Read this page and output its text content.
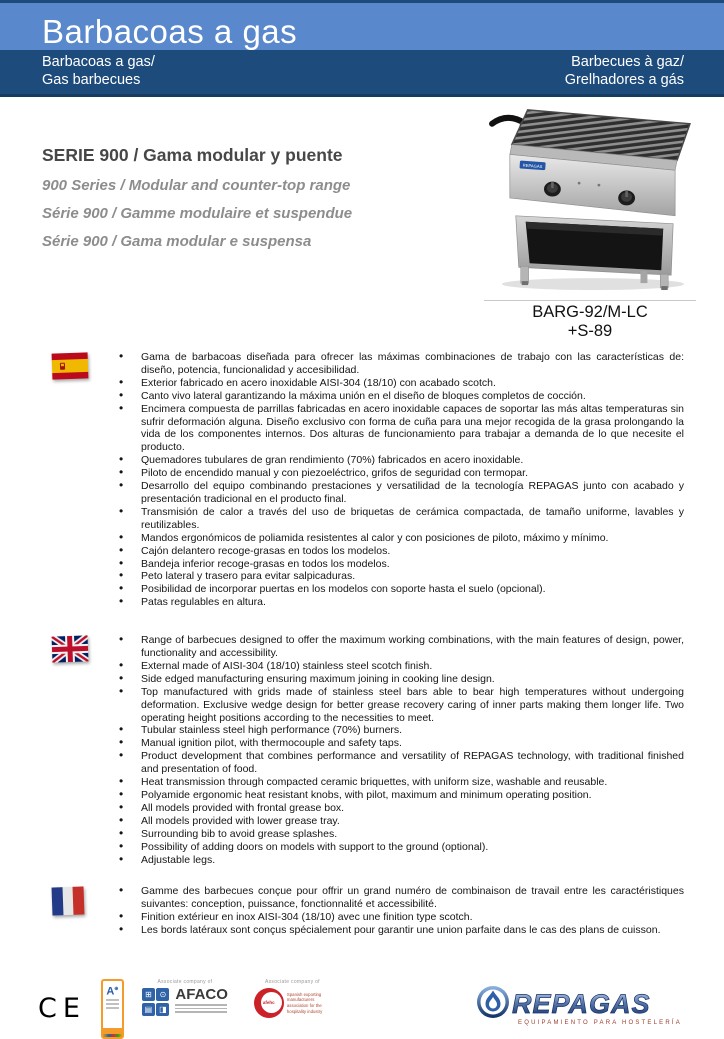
Barbacoas a gas
Barbacoas a gas/
Gas barbecues
Barbecues à gaz/
Grelhadores a gás
REPAGAS
BARG-92/M-LC
+S-89
SERIE 900 / Gama modular y puente
900 Series / Modular and counter-top range
Série 900 / Gamme modulaire et suspendue
Série 900 / Gama modular e suspensa
• Gama de barbacoas diseñada para ofrecer las máximas combinaciones de trabajo con las características de: diseño, potencia, funcionalidad y accesibilidad.
• Exterior fabricado en acero inoxidable AISI-304 (18/10) con acabado scotch.
• Canto vivo lateral garantizando la máxima unión en el diseño de bloques completos de cocción.
• Encimera compuesta de parrillas fabricadas en acero inoxidable capaces de soportar las más altas temperaturas sin sufrir deformación alguna. Diseño exclusivo con forma de cuña para una mejor recogida de la grasa prolongando la vida de los componentes internos. Dos alturas de funcionamiento para trabajar a demanda de lo que necesite el producto.
• Quemadores tubulares de gran rendimiento (70%) fabricados en acero inoxidable.
• Piloto de encendido manual y con piezoeléctrico, grifos de seguridad con termopar.
• Desarrollo del equipo combinando prestaciones y versatilidad de la tecnología REPAGAS junto con acabado y presentación tradicional en el producto final.
• Transmisión de calor a través del uso de briquetas de cerámica compactada, de tamaño uniforme, lavables y reutilizables.
• Mandos ergonómicos de poliamida resistentes al calor y con posiciones de piloto, máximo y mínimo.
• Cajón delantero recoge-grasas en todos los modelos.
• Bandeja inferior recoge-grasas en todos los modelos.
• Peto lateral y trasero para evitar salpicaduras.
• Posibilidad de incorporar puertas en los modelos con soporte hasta el suelo (opcional).
• Patas regulables en altura.
• Range of barbecues designed to offer the maximum working combinations, with the main features of design, power, functionality and accessibility.
• External made of AISI-304 (18/10) stainless steel scotch finish.
• Side edged manufacturing ensuring maximum joining in cooking line design.
• Top manufactured with grids made of stainless steel bars able to bear high temperatures without undergoing deformation. Exclusive wedge design for better grease recovery caring of inner parts making them longer life. Two operating height positions according to the necessities to meet.
• Tubular stainless steel high performance (70%) burners.
• Manual ignition pilot, with thermocouple and safety taps.
• Product development that combines performance and versatility of REPAGAS technology, with traditional finished and presentation of food.
• Heat transmission through compacted ceramic briquettes, with uniform size, washable and reusable.
• Polyamide ergonomic heat resistant knobs, with pilot, maximum and minimum operating position.
• All models provided with frontal grease box.
• All models provided with lower grease tray.
• Surrounding bib to avoid grease splashes.
• Possibility of adding doors on models with support to the ground (optional).
• Adjustable legs.
• Gamme des barbecues conçue pour offrir un grand numéro de combinaison de travail entre les caractéristiques suivantes: conception, puissance, fonctionnalité et accessibilité.
• Finition extérieur en inox AISI-304 (18/10) avec une finition type scotch.
• Les bords latéraux sont conçus spécialement pour garantir une union parfaite dans le cas des plans de cuisson.
CE
A⊕
Associate company of
⊞ ⊙
▤ ◨
AFACO
Associate company of
afehc
Spanish exporting manufacturers association for the hospitality industry	REPAGAS
EQUIPAMIENTO PARA HOSTELERÍA
